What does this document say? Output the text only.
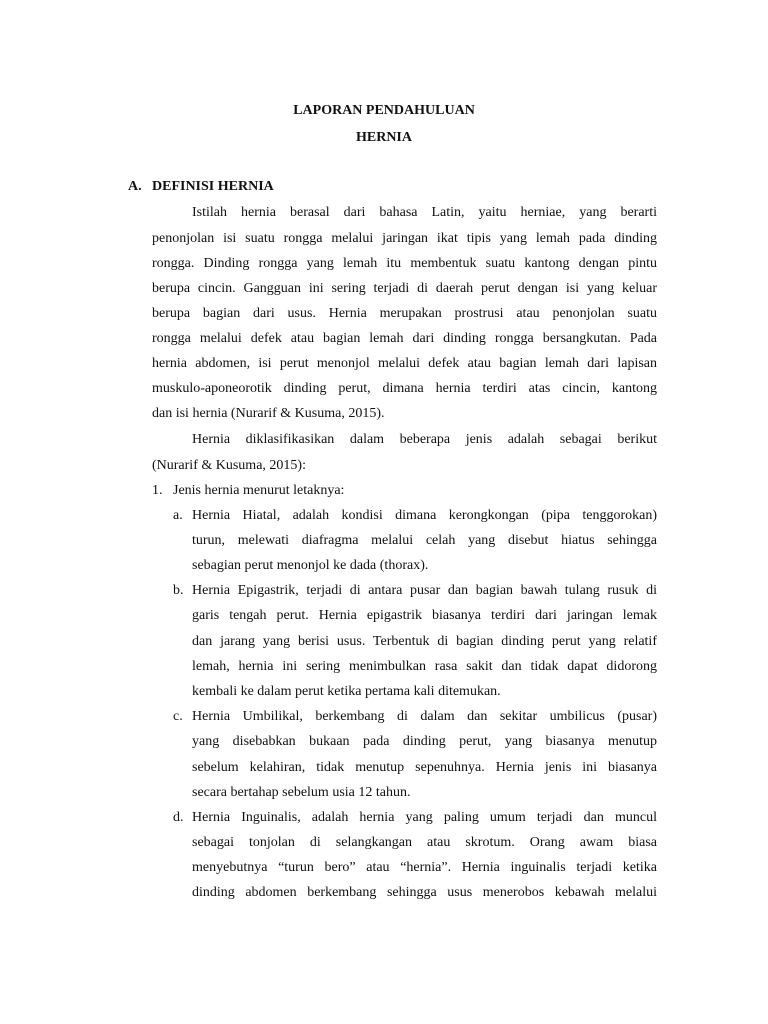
LAPORAN PENDAHULUAN
HERNIA
A. DEFINISI HERNIA
Istilah hernia berasal dari bahasa Latin, yaitu herniae, yang berarti
penonjolan isi suatu rongga melalui jaringan ikat tipis yang lemah pada dinding
rongga. Dinding rongga yang lemah itu membentuk suatu kantong dengan pintu
berupa cincin. Gangguan ini sering terjadi di daerah perut dengan isi yang keluar
berupa bagian dari usus. Hernia merupakan prostrusi atau penonjolan suatu
rongga melalui defek atau bagian lemah dari dinding rongga bersangkutan. Pada
hernia abdomen, isi perut menonjol melalui defek atau bagian lemah dari lapisan
muskulo-aponeorotik dinding perut, dimana hernia terdiri atas cincin, kantong
dan isi hernia (Nurarif & Kusuma, 2015).
Hernia diklasifikasikan dalam beberapa jenis adalah sebagai berikut
(Nurarif & Kusuma, 2015):
1. Jenis hernia menurut letaknya:
a. Hernia Hiatal, adalah kondisi dimana kerongkongan (pipa tenggorokan)
turun, melewati diafragma melalui celah yang disebut hiatus sehingga
sebagian perut menonjol ke dada (thorax).
b. Hernia Epigastrik, terjadi di antara pusar dan bagian bawah tulang rusuk di
garis tengah perut. Hernia epigastrik biasanya terdiri dari jaringan lemak
dan jarang yang berisi usus. Terbentuk di bagian dinding perut yang relatif
lemah, hernia ini sering menimbulkan rasa sakit dan tidak dapat didorong
kembali ke dalam perut ketika pertama kali ditemukan.
c. Hernia Umbilikal, berkembang di dalam dan sekitar umbilicus (pusar)
yang disebabkan bukaan pada dinding perut, yang biasanya menutup
sebelum kelahiran, tidak menutup sepenuhnya. Hernia jenis ini biasanya
secara bertahap sebelum usia 12 tahun.
d. Hernia Inguinalis, adalah hernia yang paling umum terjadi dan muncul
sebagai tonjolan di selangkangan atau skrotum. Orang awam biasa
menyebutnya “turun bero” atau “hernia”. Hernia inguinalis terjadi ketika
dinding abdomen berkembang sehingga usus menerobos kebawah melalui
